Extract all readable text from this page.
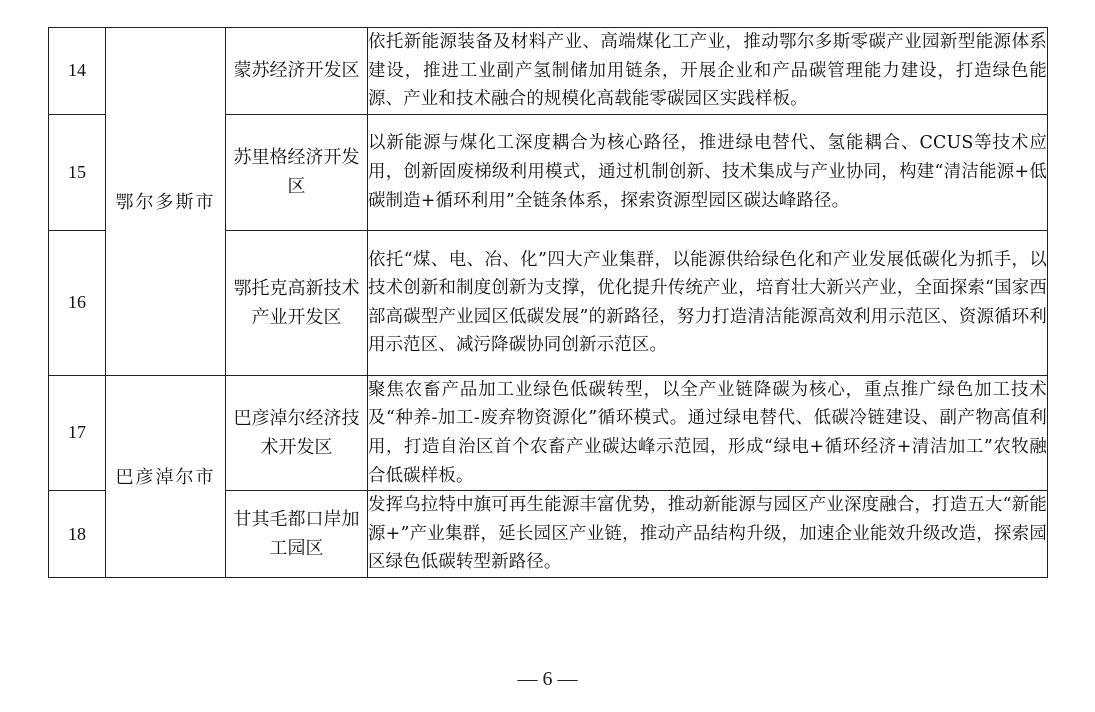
14	鄂尔多斯市	蒙苏经济开发区	依托新能源装备及材料产业、高端煤化工产业，推动鄂尔多斯零碳产业园新型能源体系建设，推进工业副产氢制储加用链条，开展企业和产品碳管理能力建设，打造绿色能源、产业和技术融合的规模化高载能零碳园区实践样板。
15		苏里格经济开发区	以新能源与煤化工深度耦合为核心路径，推进绿电替代、氢能耦合、CCUS等技术应用，创新固废梯级利用模式，通过机制创新、技术集成与产业协同，构建“清洁能源+低碳制造+循环利用”全链条体系，探索资源型园区碳达峰路径。
16		鄂托克高新技术产业开发区	依托“煤、电、冶、化”四大产业集群，以能源供给绿色化和产业发展低碳化为抓手，以技术创新和制度创新为支撑，优化提升传统产业，培育壮大新兴产业，全面探索“国家西部高碳型产业园区低碳发展”的新路径，努力打造清洁能源高效利用示范区、资源循环利用示范区、减污降碳协同创新示范区。
17	巴彦淖尔市	巴彦淖尔经济技术开发区	聚焦农畜产品加工业绿色低碳转型，以全产业链降碳为核心，重点推广绿色加工技术及“种养-加工-废弃物资源化”循环模式。通过绿电替代、低碳冷链建设、副产物高值利用，打造自治区首个农畜产业碳达峰示范园，形成“绿电+循环经济+清洁加工”农牧融合低碳样板。
18		甘其毛都口岸加工园区	发挥乌拉特中旗可再生能源丰富优势，推动新能源与园区产业深度融合，打造五大“新能源+”产业集群，延长园区产业链，推动产品结构升级，加速企业能效升级改造，探索园区绿色低碳转型新路径。
— 6 —
